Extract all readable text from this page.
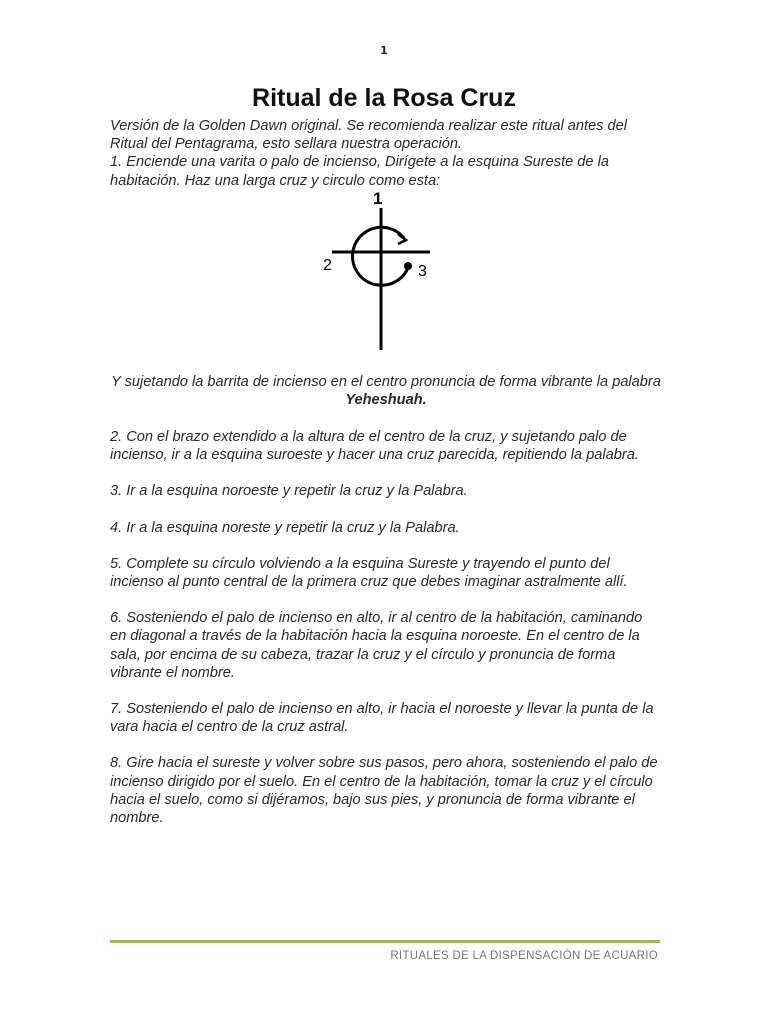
1
Ritual de la Rosa Cruz

Versión de la Golden Dawn original. Se recomienda realizar este ritual antes del Ritual del Pentagrama, esto sellara nuestra operación.

1. Enciende una varita o palo de incienso, Dirígete a la esquina Sureste de la habitación. Haz una larga cruz y circulo como esta:

1
2	3

Y sujetando la barrita de incienso en el centro pronuncia de forma vibrante la palabra Yeheshuah.

2. Con el brazo extendido a la altura de el centro de la cruz, y sujetando palo de incienso, ir a la esquina suroeste y hacer una cruz parecida, repitiendo la palabra.

3. Ir a la esquina noroeste y repetir la cruz y la Palabra.

4. Ir a la esquina noreste y repetir la cruz y la Palabra.

5. Complete su círculo volviendo a la esquina Sureste y trayendo el punto del incienso al punto central de la primera cruz que debes imaginar astralmente allí.

6. Sosteniendo el palo de incienso en alto, ir al centro de la habitación, caminando en diagonal a través de la habitación hacia la esquina noroeste. En el centro de la sala, por encima de su cabeza, trazar la cruz y el círculo y pronuncia de forma vibrante el nombre.

7. Sosteniendo el palo de incienso en alto, ir hacia el noroeste y llevar la punta de la vara hacia el centro de la cruz astral.

8. Gire hacia el sureste y volver sobre sus pasos, pero ahora, sosteniendo el palo de incienso dirigido por el suelo. En el centro de la habitación, tomar la cruz y el círculo hacia el suelo, como si dijéramos, bajo sus pies, y pronuncia de forma vibrante el nombre.

RITUALES DE LA DISPENSACIÓN DE ACUARIO
